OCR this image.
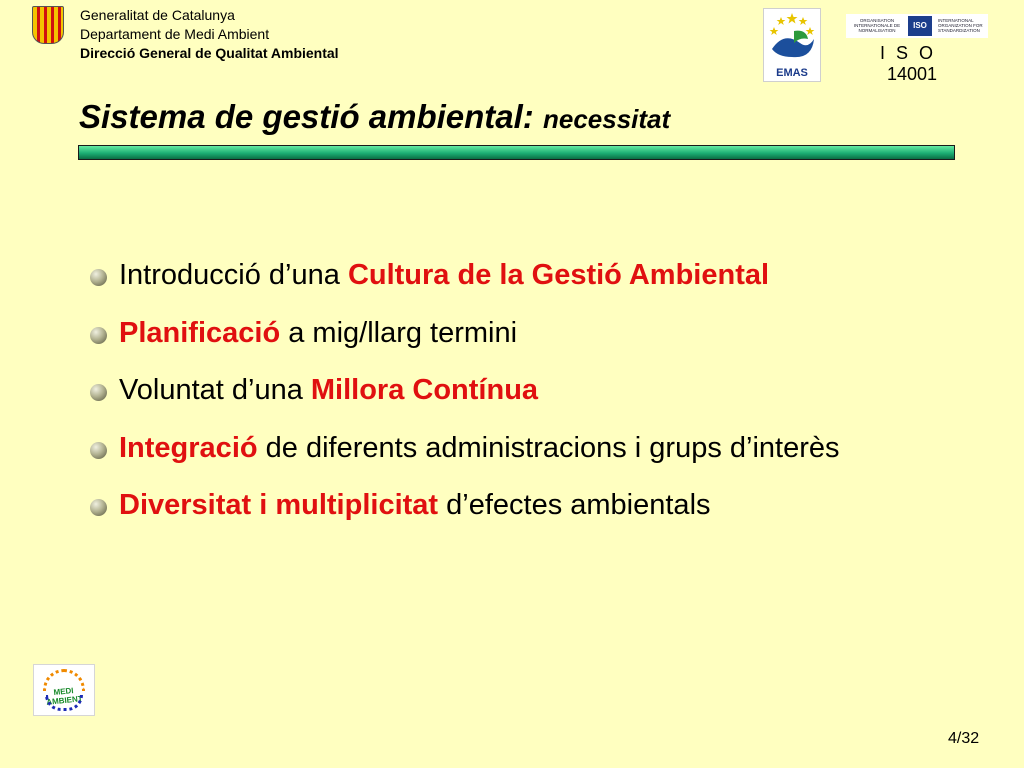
Generalitat de Catalunya
Departament de Medi Ambient
Direcció General de Qualitat Ambiental
EMAS
ORGANISATION INTERNATIONALE DE NORMALISATION
ISO
INTERNATIONAL ORGANIZATION FOR STANDARDIZATION
I S O
14001
Sistema de gestió ambiental: necessitat
Introducció d’una Cultura de la Gestió Ambiental
Planificació a mig/llarg termini
Voluntat d’una Millora Contínua
Integració de diferents administracions i grups d’interès
Diversitat i multiplicitat d’efectes ambientals
MEDI AMBIENT
4/32
